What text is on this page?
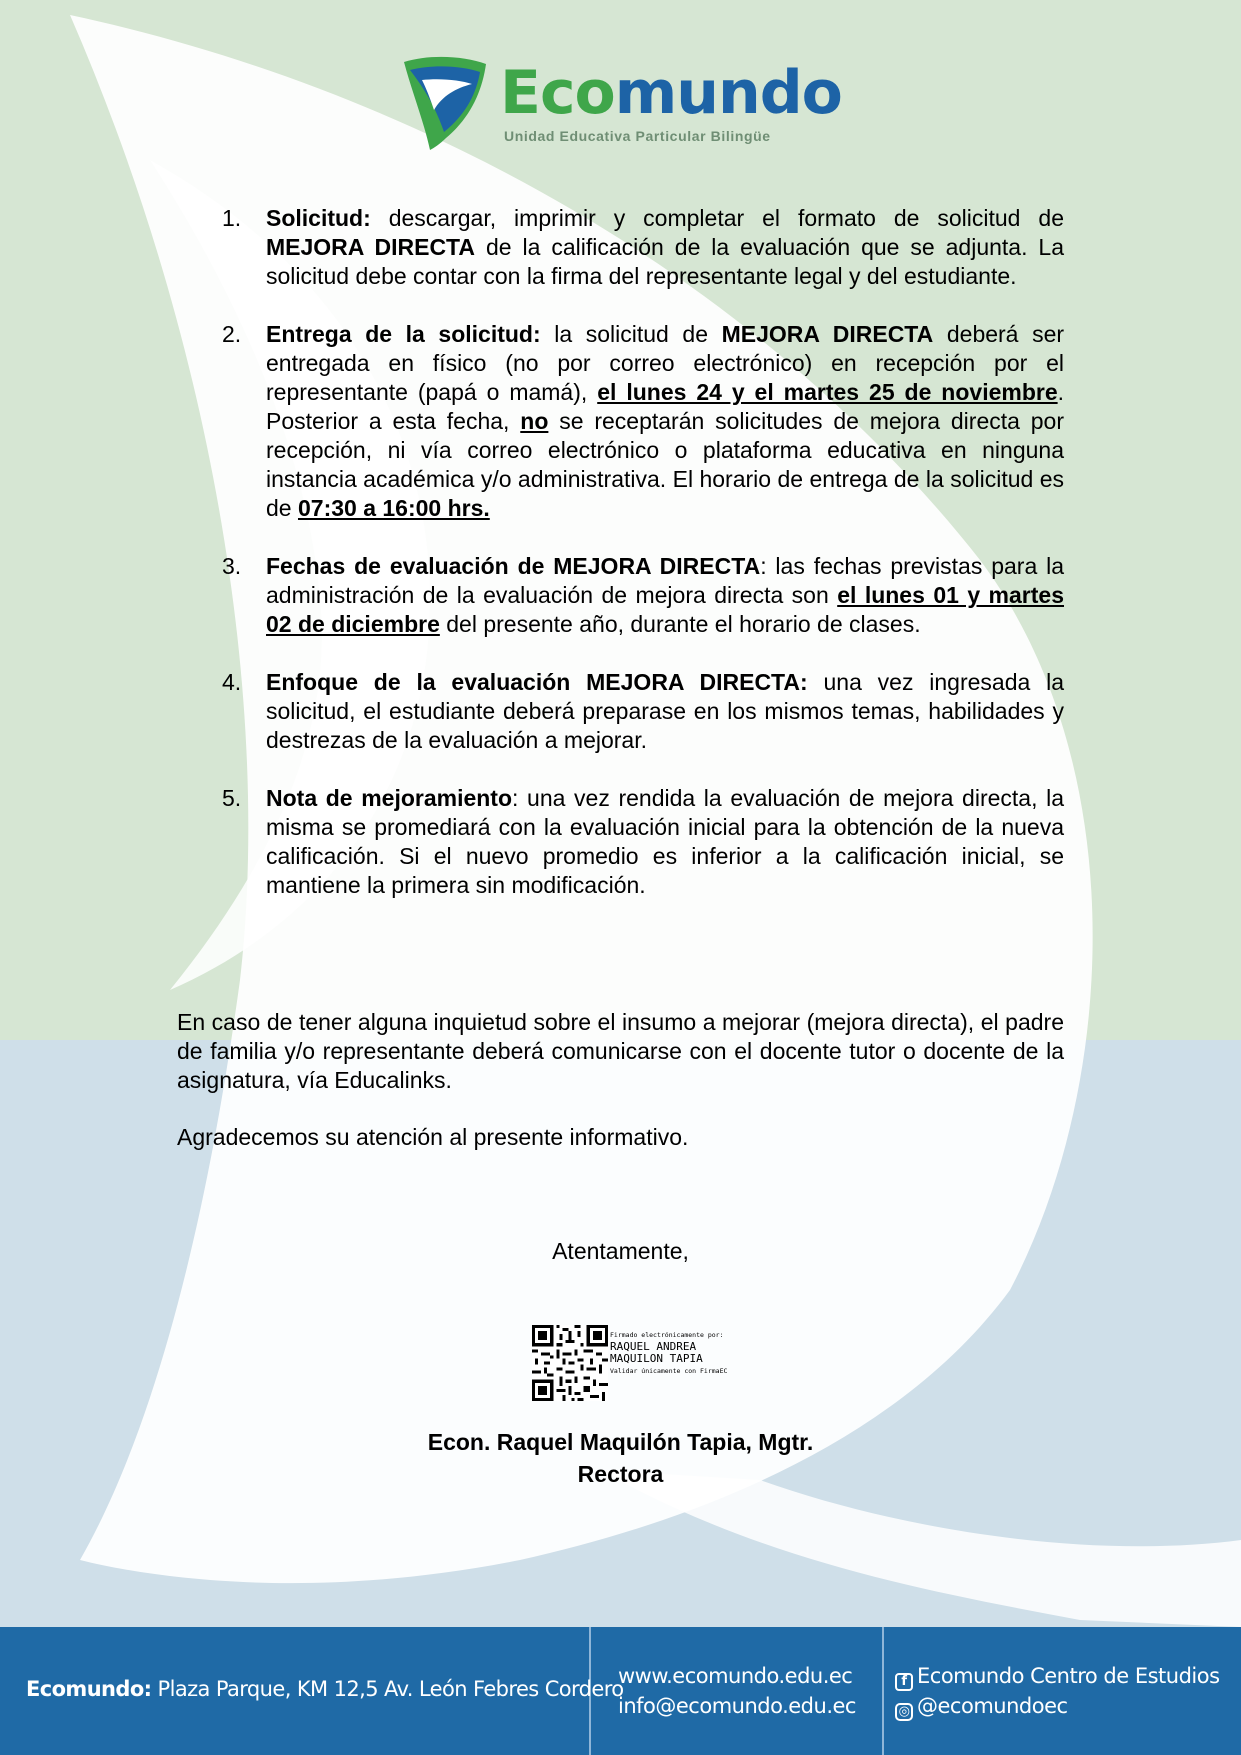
Ecomundo
Unidad Educativa Particular Bilingüe
1. Solicitud: descargar, imprimir y completar el formato de solicitud de MEJORA DIRECTA de la calificación de la evaluación que se adjunta. La solicitud debe contar con la firma del representante legal y del estudiante.
2. Entrega de la solicitud: la solicitud de MEJORA DIRECTA deberá ser entregada en físico (no por correo electrónico) en recepción por el representante (papá o mamá), el lunes 24 y el martes 25 de noviembre. Posterior a esta fecha, no se receptarán solicitudes de mejora directa por recepción, ni vía correo electrónico o plataforma educativa en ninguna instancia académica y/o administrativa. El horario de entrega de la solicitud es de 07:30 a 16:00 hrs.
3. Fechas de evaluación de MEJORA DIRECTA: las fechas previstas para la administración de la evaluación de mejora directa son el lunes 01 y martes 02 de diciembre del presente año, durante el horario de clases.
4. Enfoque de la evaluación MEJORA DIRECTA: una vez ingresada la solicitud, el estudiante deberá preparase en los mismos temas, habilidades y destrezas de la evaluación a mejorar.
5. Nota de mejoramiento: una vez rendida la evaluación de mejora directa, la misma se promediará con la evaluación inicial para la obtención de la nueva calificación. Si el nuevo promedio es inferior a la calificación inicial, se mantiene la primera sin modificación.
En caso de tener alguna inquietud sobre el insumo a mejorar (mejora directa), el padre de familia y/o representante deberá comunicarse con el docente tutor o docente de la asignatura, vía Educalinks.
Agradecemos su atención al presente informativo.
Atentamente,
Firmado electrónicamente por:
RAQUEL ANDREA
MAQUILON TAPIA
Validar únicamente con FirmaEC
Econ. Raquel Maquilón Tapia, Mgtr.
Rectora
Ecomundo: Plaza Parque, KM 12,5 Av. León Febres Cordero
www.ecomundo.edu.ec
info@ecomundo.edu.ec
f Ecomundo Centro de Estudios
◎ @ecomundoec
